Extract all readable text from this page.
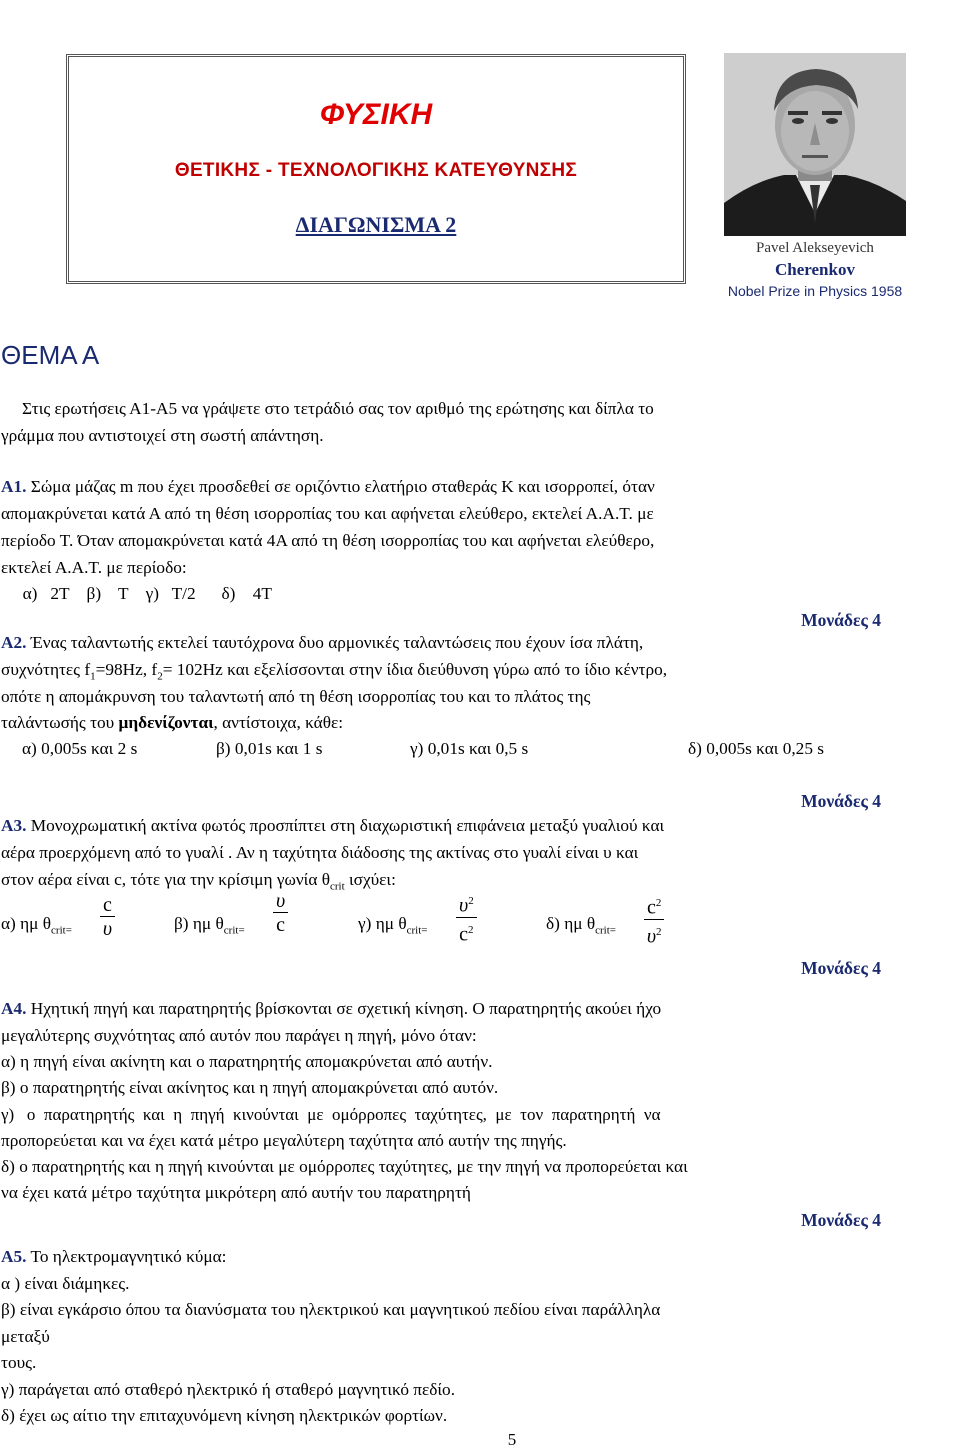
ΦΥΣΙΚΗ
ΘΕΤΙΚΗΣ - ΤΕΧΝΟΛΟΓΙΚΗΣ ΚΑΤΕΥΘΥΝΣΗΣ
ΔΙΑΓΩΝΙΣΜΑ 2
Pavel Alekseyevich
Cherenkov
Nobel Prize in Physics 1958
ΘΕΜΑ Α
Στις ερωτήσεις Α1-Α5 να γράψετε στο τετράδιό σας τον αριθμό της ερώτησης και δίπλα το
γράμμα που αντιστοιχεί στη σωστή απάντηση.
Α1. Σώμα μάζας m που έχει προσδεθεί σε οριζόντιο ελατήριο σταθεράς Κ και ισορροπεί, όταν
απομακρύνεται κατά Α από τη θέση ισορροπίας του και αφήνεται ελεύθερο, εκτελεί Α.Α.Τ. με
περίοδο Τ. Όταν απομακρύνεται κατά 4Α από τη θέση ισορροπίας του και αφήνεται ελεύθερο,
εκτελεί Α.Α.Τ. με περίοδο:
α)   2Τ    β)    Τ    γ)   Τ/2      δ)    4Τ
Μονάδες 4
Α2. Ένας ταλαντωτής εκτελεί ταυτόχρονα δυο αρμονικές ταλαντώσεις που έχουν ίσα πλάτη,
συχνότητες $f_1=98Hz$, $f_2= 102Hz$ και εξελίσσονται στην ίδια διεύθυνση γύρω από το ίδιο κέντρο,
οπότε η απομάκρυνση του ταλαντωτή από τη θέση ισορροπίας του και το πλάτος της
ταλάντωσής του μηδενίζονται, αντίστοιχα, κάθε:
α) 0,005s και 2 s	β) 0,01s και 1 s	γ) 0,01s και 0,5 s	δ) 0,005s και 0,25 s
Μονάδες 4
Α3. Μονοχρωματική ακτίνα φωτός προσπίπτει στη διαχωριστική επιφάνεια μεταξύ γυαλιού και
αέρα προερχόμενη από το γυαλί . Αν η ταχύτητα διάδοσης της ακτίνας στο γυαλί είναι υ και
στον αέρα είναι c, τότε για την κρίσιμη γωνία $\theta_{crit}$ ισχύει:
α) ημ $\theta_{crit=} \frac{c}{\upsilon}$	β) ημ $\theta_{crit=} \frac{\upsilon}{c}$	γ) ημ $\theta_{crit=} \frac{\upsilon^2}{c^2}$	δ) ημ $\theta_{crit=} \frac{c^2}{\upsilon^2}$
Μονάδες 4
Α4. Ηχητική πηγή και παρατηρητής βρίσκονται σε σχετική κίνηση. Ο παρατηρητής ακούει ήχο
μεγαλύτερης συχνότητας από αυτόν που παράγει η πηγή, μόνο όταν:
α) η πηγή είναι ακίνητη και ο παρατηρητής απομακρύνεται από αυτήν.
β) ο παρατηρητής είναι ακίνητος και η πηγή απομακρύνεται από αυτόν.
γ)   ο  παρατηρητής  και  η  πηγή  κινούνται  με  ομόρροπες  ταχύτητες,  με  τον  παρατηρητή  να
προπορεύεται και να έχει κατά μέτρο μεγαλύτερη ταχύτητα από αυτήν της πηγής.
δ) ο παρατηρητής και η πηγή κινούνται με ομόρροπες ταχύτητες, με την πηγή να προπορεύεται και
να έχει κατά μέτρο ταχύτητα μικρότερη από αυτήν του παρατηρητή
Μονάδες 4
Α5. Το ηλεκτρομαγνητικό κύμα:
α ) είναι διάμηκες.
β) είναι εγκάρσιο όπου τα διανύσματα του ηλεκτρικού και μαγνητικού πεδίου είναι παράλληλα
μεταξύ
τους.
γ) παράγεται από σταθερό ηλεκτρικό ή σταθερό μαγνητικό πεδίο.
δ) έχει ως αίτιο την επιταχυνόμενη κίνηση ηλεκτρικών φορτίων.
5
